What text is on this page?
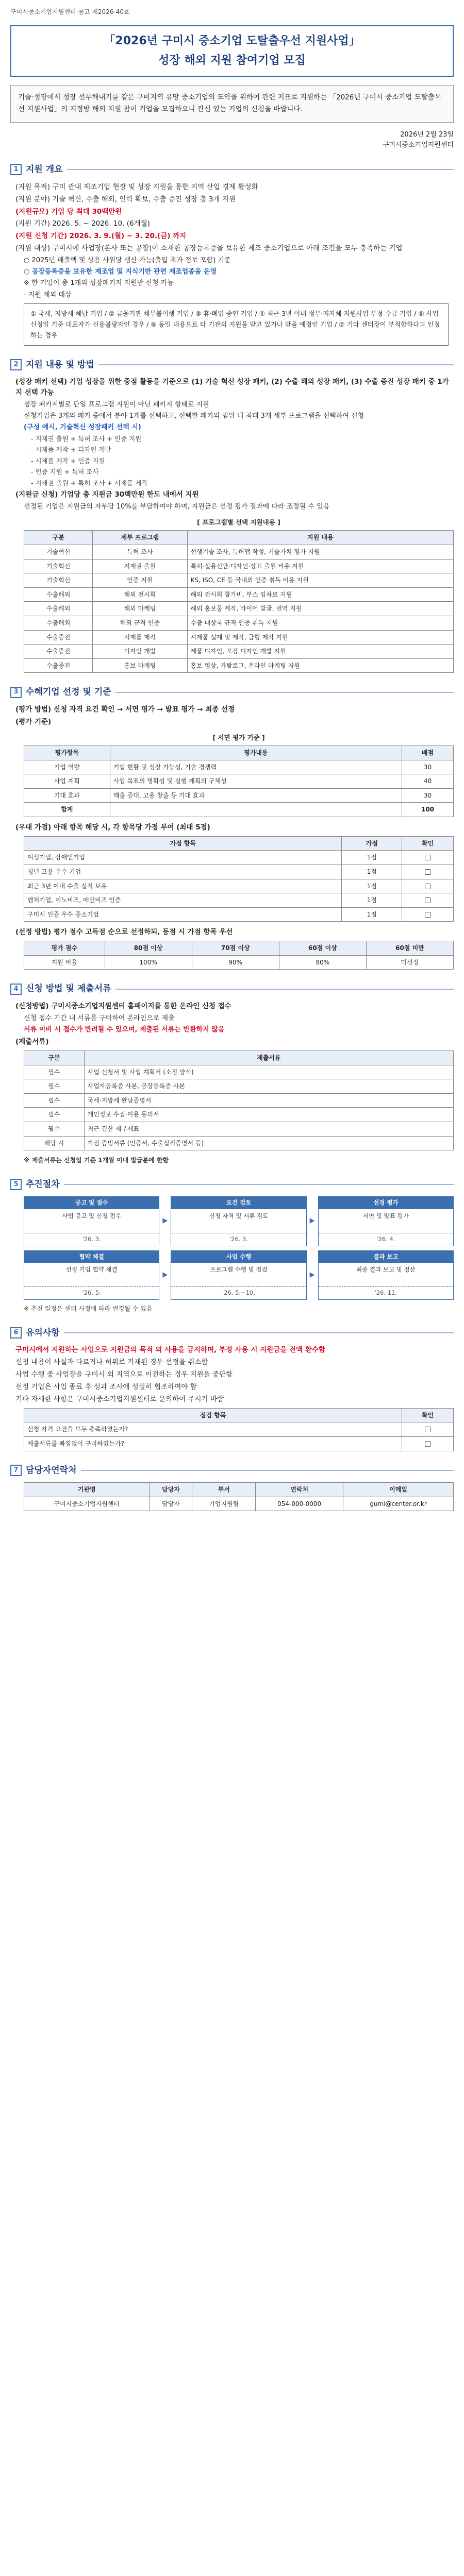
구미시중소기업지원센터 공고 제2026-40호
「2026년 구미시 중소기업 도탈출우선 지원사업」
성장 해외 지원 참여기업 모집
기술·성장에서 성장 선부해내기를 같은 구미지역 유망 중소기업의 도약을 위하여 관련 지표로 지원하는 「2026년 구미시 중소기업 도탈출우선 지원사업」의 지정방 해외 지원 참여 기업을 모집하오니 관심 있는 기업의 신청을 바랍니다.
2026년 2월 23일
구미시중소기업지원센터
1 지원 개요

(지원 목적) 구미 관내 제조기업 현장 및 성장 지원을 통한 지역 산업 경제 활성화

(지원 분야) 기술 혁신, 수출 해외, 인력 확보, 수출 증진 성장 총 3개 지원

(지원규모) 기업 당 최대 30백만원

(지원 기간) 2026. 5. ~ 2026. 10. (6개월)

(지원 신청 기간) 2026. 3. 9.(월) ~ 3. 20.(금) 까지

(지원 대상) 구미시에 사업장(본사 또는 공장)이 소재한 공장등록증을 보유한 제조 중소기업으로 아래 조건을 모두 충족하는 기업

○ 2025년 매출액 및 상용 사원당 생산 가능(출입 초과 정보 포함) 기준

○ 공장등록증을 보유한 제조업 및 지식기반 관련 제조업종을 운영

※ 한 기업이 총 1개의 성장패키지 지원만 신청 가능

- 지원 제외 대상

① 국세, 지방세 체납 기업 / ② 금융기관 채무불이행 기업 / ③ 휴·폐업 중인 기업 / ④ 최근 3년 이내 정부·지자체 지원사업 부정 수급 기업 / ⑤ 사업 신청일 기준 대표자가 신용불량자인 경우 / ⑥ 동일 내용으로 타 기관의 지원을 받고 있거나 받을 예정인 기업 / ⑦ 기타 센터장이 부적합하다고 인정하는 경우
2 지원 내용 및 방법

(성장 패키 선택) 기업 성장을 위한 중점 활동을 기준으로 (1) 기술 혁신 성장 패키, (2) 수출 해외 성장 패키, (3) 수출 증진 성장 패키 중 1가지 선택 가능

성장 패키지별로 단일 프로그램 지원이 아닌 패키지 형태로 지원

신청기업은 3개의 패키 중에서 분야 1개를 선택하고, 선택한 패키의 범위 내 최대 3개 세부 프로그램을 선택하여 신청

(구성 예시, 기술혁신 성장패키 선택 시)

- 지재권 출원 + 특허 조사 + 인증 지원

- 시제품 제작 + 디자인 개발

- 시제품 제작 + 인증 지원

- 인증 지원 + 특허 조사

- 지재권 출원 + 특허 조사 + 시제품 제작

(지원금 신청) 기업당 총 지원금 30백만원 한도 내에서 지원

선정된 기업은 지원금의 자부담 10%를 부담하여야 하며, 지원금은 선정 평가 결과에 따라 조정될 수 있음

[ 프로그램별 선택 지원내용 ]
구분	세부 프로그램	지원 내용
기술혁신	특허 조사	선행기술 조사, 특허맵 작성, 기술가치 평가 지원
기술혁신	지재권 출원	특허·실용신안·디자인·상표 출원 비용 지원
기술혁신	인증 지원	KS, ISO, CE 등 국내외 인증 취득 비용 지원
수출해외	해외 전시회	해외 전시회 참가비, 부스 임차료 지원
수출해외	해외 마케팅	해외 홍보물 제작, 바이어 발굴, 번역 지원
수출해외	해외 규격 인증	수출 대상국 규격 인증 취득 지원
수출증진	시제품 제작	시제품 설계 및 제작, 금형 제작 지원
수출증진	디자인 개발	제품 디자인, 포장 디자인 개발 지원
수출증진	홍보 마케팅	홍보 영상, 카탈로그, 온라인 마케팅 지원
3 수혜기업 선정 및 기준

(평가 방법) 신청 자격 요건 확인 → 서면 평가 → 발표 평가 → 최종 선정

(평가 기준)

[ 서면 평가 기준 ]
평가항목	평가내용	배점
기업 역량	기업 현황 및 성장 가능성, 기술 경쟁력	30
사업 계획	사업 목표의 명확성 및 실행 계획의 구체성	40
기대 효과	매출 증대, 고용 창출 등 기대 효과	30
합계		100

(우대 가점) 아래 항목 해당 시, 각 항목당 가점 부여 (최대 5점)

가점 항목	가점	확인
여성기업, 장애인기업	1점	
청년 고용 우수 기업	1점	
최근 3년 이내 수출 실적 보유	1점	
벤처기업, 이노비즈, 메인비즈 인증	1점	
구미시 인증 우수 중소기업	1점	

(선정 방법) 평가 점수 고득점 순으로 선정하되, 동점 시 가점 항목 우선

평가 점수	80점 이상	70점 이상	60점 이상	60점 미만
지원 비율	100%	90%	80%	미선정
4 신청 방법 및 제출서류

(신청방법) 구미시중소기업지원센터 홈페이지를 통한 온라인 신청 접수

신청 접수 기간 내 서류를 구비하여 온라인으로 제출

서류 미비 시 접수가 반려될 수 있으며, 제출된 서류는 반환하지 않음

(제출서류)

구분	제출서류
필수	사업 신청서 및 사업 계획서 (소정 양식)
필수	사업자등록증 사본, 공장등록증 사본
필수	국세·지방세 완납증명서
필수	개인정보 수집·이용 동의서
필수	최근 결산 재무제표
해당 시	가점 증빙서류 (인증서, 수출실적증명서 등)

※ 제출서류는 신청일 기준 1개월 이내 발급분에 한함

5 추진절차
공고 및 접수
사업 공고 및 신청 접수
'26. 3.
▶
요건 검토
신청 자격 및 서류 검토
'26. 3.
▶
선정 평가
서면 및 발표 평가
'26. 4.
협약 체결
선정 기업 협약 체결
'26. 5.
▶
사업 수행
프로그램 수행 및 점검
'26. 5.~10.
▶
결과 보고
최종 결과 보고 및 정산
'26. 11.

※ 추진 일정은 센터 사정에 따라 변경될 수 있음

6 유의사항

구미시에서 지원하는 사업으로 지원금의 목적 외 사용을 금지하며, 부정 사용 시 지원금을 전액 환수함

신청 내용이 사실과 다르거나 허위로 기재된 경우 선정을 취소함

사업 수행 중 사업장을 구미시 외 지역으로 이전하는 경우 지원을 중단함

선정 기업은 사업 종료 후 성과 조사에 성실히 협조하여야 함

기타 자세한 사항은 구미시중소기업지원센터로 문의하여 주시기 바람

점검 항목	확인
신청 자격 요건을 모두 충족하였는가?	
제출서류를 빠짐없이 구비하였는가?	
7 담당자연락처
기관명	담당자	부서	연락처	이메일
구미시중소기업지원센터	담당자	기업지원팀	054-000-0000	gumi@center.or.kr
